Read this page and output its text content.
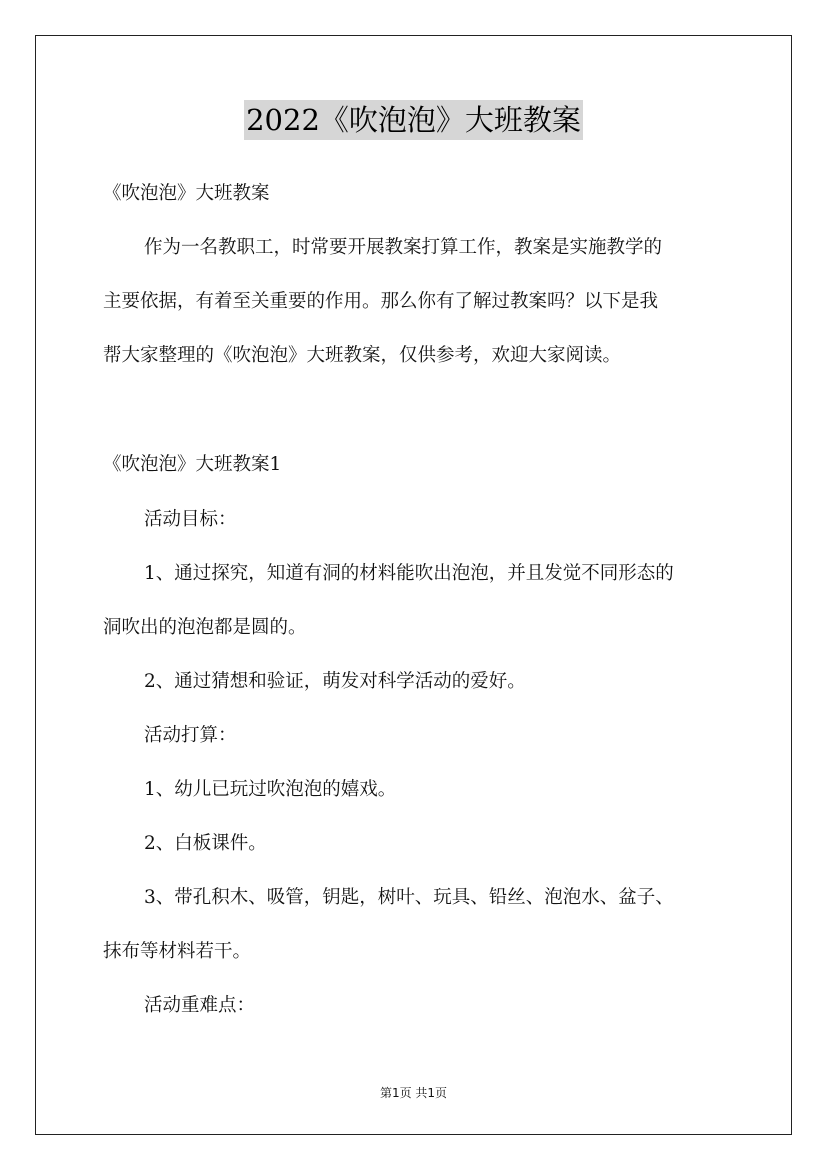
2022《吹泡泡》大班教案
《吹泡泡》大班教案
作为一名教职工，时常要开展教案打算工作，教案是实施教学的
主要依据，有着至关重要的作用。那么你有了解过教案吗？以下是我
帮大家整理的《吹泡泡》大班教案，仅供参考，欢迎大家阅读。
《吹泡泡》大班教案1
活动目标：
1、通过探究，知道有洞的材料能吹出泡泡，并且发觉不同形态的
洞吹出的泡泡都是圆的。
2、通过猜想和验证，萌发对科学活动的爱好。
活动打算：
1、幼儿已玩过吹泡泡的嬉戏。
2、白板课件。
3、带孔积木、吸管，钥匙，树叶、玩具、铅丝、泡泡水、盆子、
抹布等材料若干。
活动重难点：
第1页 共1页
